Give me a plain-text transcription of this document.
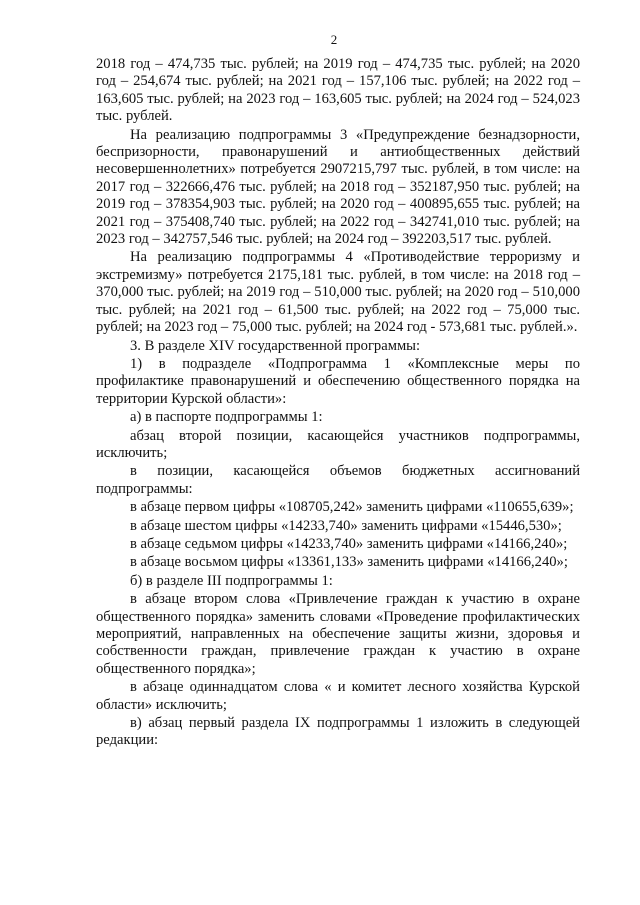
2

2018 год – 474,735 тыс. рублей; на 2019 год – 474,735 тыс. рублей; на 2020 год – 254,674 тыс. рублей; на 2021 год – 157,106 тыс. рублей; на 2022 год – 163,605 тыс. рублей; на 2023 год – 163,605 тыс. рублей; на 2024 год – 524,023 тыс. рублей.

На реализацию подпрограммы 3 «Предупреждение безнадзорности, беспризорности, правонарушений и антиобщественных действий несовершеннолетних» потребуется 2907215,797 тыс. рублей, в том числе: на 2017 год – 322666,476 тыс. рублей; на 2018 год – 352187,950 тыс. рублей; на 2019 год – 378354,903 тыс. рублей; на 2020 год – 400895,655 тыс. рублей; на 2021 год – 375408,740 тыс. рублей; на 2022 год – 342741,010 тыс. рублей; на 2023 год – 342757,546 тыс. рублей; на 2024 год – 392203,517 тыс. рублей.

На реализацию подпрограммы 4 «Противодействие терроризму и экстремизму» потребуется 2175,181 тыс. рублей, в том числе: на 2018 год – 370,000 тыс. рублей; на 2019 год – 510,000 тыс. рублей; на 2020 год – 510,000 тыс. рублей; на 2021 год – 61,500 тыс. рублей; на 2022 год – 75,000 тыс. рублей; на 2023 год – 75,000 тыс. рублей; на 2024 год - 573,681 тыс. рублей.».

3. В разделе XIV государственной программы:

1) в подразделе «Подпрограмма 1 «Комплексные меры по профилактике правонарушений и обеспечению общественного порядка на территории Курской области»:

а) в паспорте подпрограммы 1:

абзац второй позиции, касающейся участников подпрограммы, исключить;

в позиции, касающейся объемов бюджетных ассигнований подпрограммы:

в абзаце первом цифры «108705,242» заменить цифрами «110655,639»;

в абзаце шестом цифры «14233,740» заменить цифрами «15446,530»;

в абзаце седьмом цифры «14233,740» заменить цифрами «14166,240»;

в абзаце восьмом цифры «13361,133» заменить цифрами «14166,240»;

б) в разделе III подпрограммы 1:

в абзаце втором слова «Привлечение граждан к участию в охране общественного порядка» заменить словами «Проведение профилактических мероприятий, направленных на обеспечение защиты жизни, здоровья и собственности граждан, привлечение граждан к участию в охране общественного порядка»;

в абзаце одиннадцатом слова « и комитет лесного хозяйства Курской области» исключить;

в) абзац первый раздела IX подпрограммы 1 изложить в следующей редакции:
